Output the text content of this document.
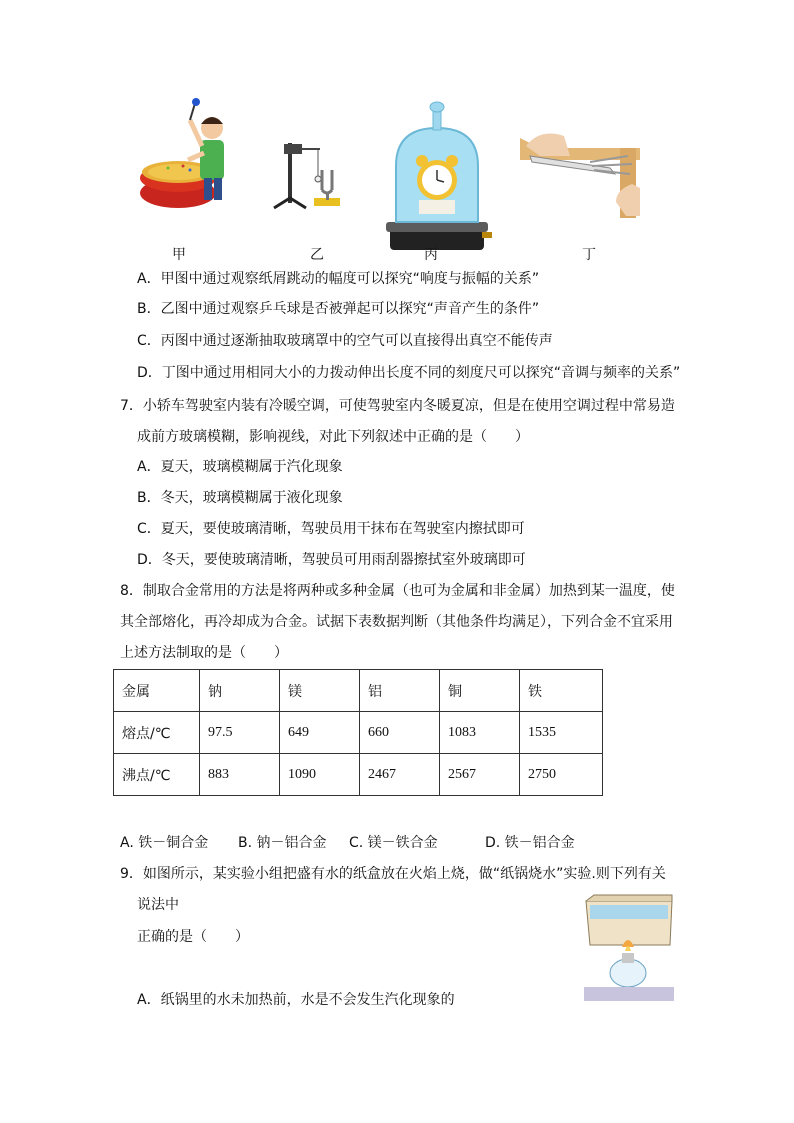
甲	乙	丙	丁
A．甲图中通过观察纸屑跳动的幅度可以探究“响度与振幅的关系”
B．乙图中通过观察乒乓球是否被弹起可以探究“声音产生的条件”
C．丙图中通过逐渐抽取玻璃罩中的空气可以直接得出真空不能传声
D．丁图中通过用相同大小的力拨动伸出长度不同的刻度尺可以探究“音调与频率的关系”
7．小轿车驾驶室内装有冷暖空调，可使驾驶室内冬暖夏凉，但是在使用空调过程中常易造
成前方玻璃模糊，影响视线，对此下列叙述中正确的是（　　）
A．夏天，玻璃模糊属于汽化现象
B．冬天，玻璃模糊属于液化现象
C．夏天，要使玻璃清晰，驾驶员用干抹布在驾驶室内擦拭即可
D．冬天，要使玻璃清晰，驾驶员可用雨刮器擦拭室外玻璃即可
8．制取合金常用的方法是将两种或多种金属（也可为金属和非金属）加热到某一温度，使
其全部熔化，再冷却成为合金。试据下表数据判断（其他条件均满足），下列合金不宜采用
上述方法制取的是（　　）
金属	钠	镁	铝	铜	铁
熔点/℃	97.5	649	660	1083	1535
沸点/℃	883	1090	2467	2567	2750
A. 铁－铜合金 B. 钠－铝合金 C. 镁－铁合金	D. 铁－铝合金
9．如图所示，某实验小组把盛有水的纸盒放在火焰上烧，做“纸锅烧水”实验.则下列有关
说法中
正确的是（　　）
A．纸锅里的水未加热前，水是不会发生汽化现象的
